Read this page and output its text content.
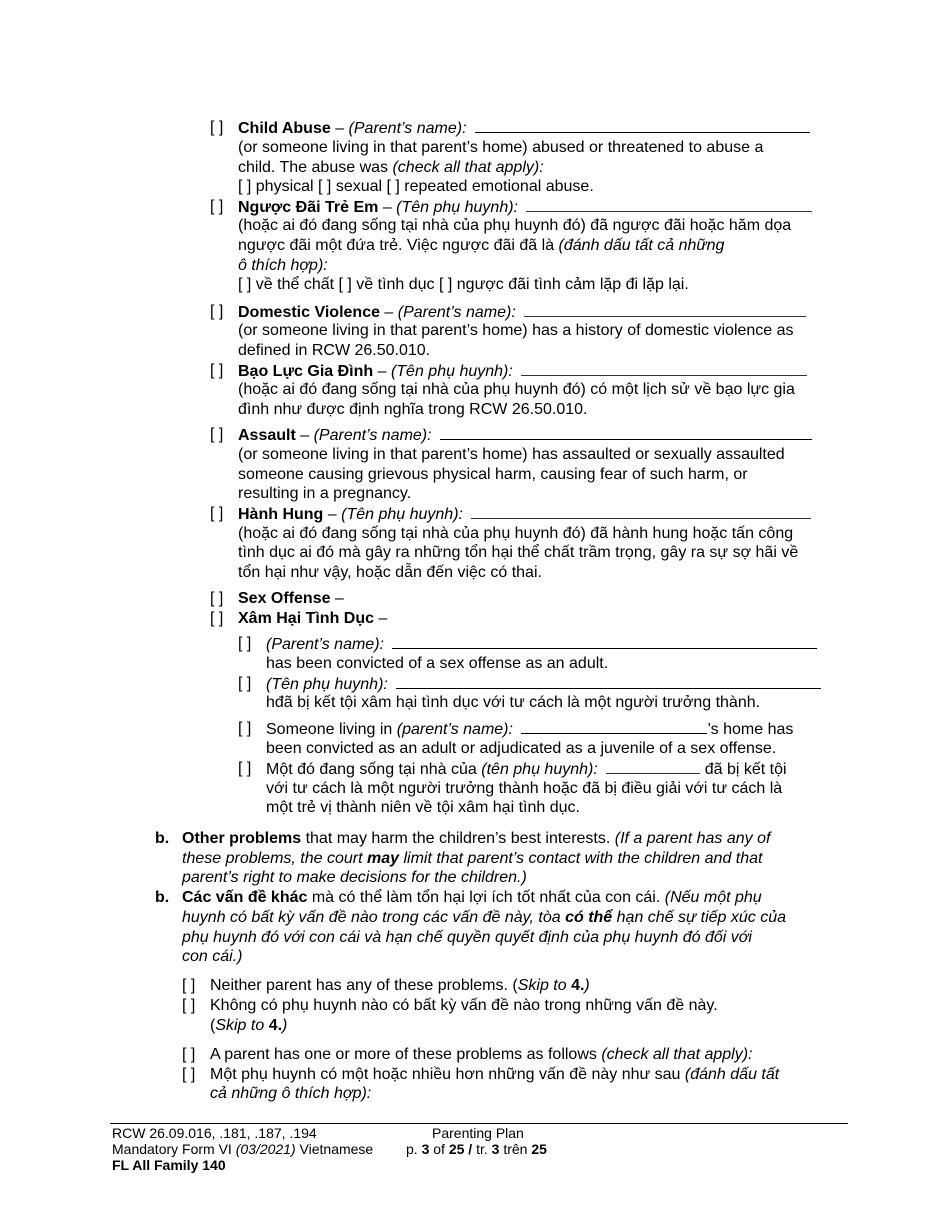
[ ] Child Abuse – (Parent’s name):
(or someone living in that parent’s home) abused or threatened to abuse a
child. The abuse was (check all that apply):
[ ] physical [ ] sexual [ ] repeated emotional abuse.
[ ] Ngược Đãi Trẻ Em – (Tên phụ huynh):
(hoặc ai đó đang sống tại nhà của phụ huynh đó) đã ngược đãi hoặc hăm dọa
ngược đãi một đứa trẻ. Việc ngược đãi đã là (đánh dấu tất cả những
ô thích hợp):
[ ] về thể chất [ ] về tình dục [ ] ngược đãi tình cảm lặp đi lặp lại.
[ ] Domestic Violence – (Parent’s name):
(or someone living in that parent’s home) has a history of domestic violence as
defined in RCW 26.50.010.
[ ] Bạo Lực Gia Đình – (Tên phụ huynh):
(hoặc ai đó đang sống tại nhà của phụ huynh đó) có một lịch sử về bạo lực gia
đình như được định nghĩa trong RCW 26.50.010.
[ ] Assault – (Parent’s name):
(or someone living in that parent’s home) has assaulted or sexually assaulted
someone causing grievous physical harm, causing fear of such harm, or
resulting in a pregnancy.
[ ] Hành Hung – (Tên phụ huynh):
(hoặc ai đó đang sống tại nhà của phụ huynh đó) đã hành hung hoặc tấn công
tình dục ai đó mà gây ra những tổn hại thể chất trầm trọng, gây ra sự sợ hãi về
tổn hại như vậy, hoặc dẫn đến việc có thai.
[ ] Sex Offense –
[ ] Xâm Hại Tình Dục –
[ ] (Parent’s name):
has been convicted of a sex offense as an adult.
[ ] (Tên phụ huynh):
hđã bị kết tội xâm hại tình dục với tư cách là một người trưởng thành.
[ ] Someone living in (parent’s name):	’s home has
been convicted as an adult or adjudicated as a juvenile of a sex offense.
[ ] Một đó đang sống tại nhà của (tên phụ huynh):	đã bị kết tội
với tư cách là một người trưởng thành hoặc đã bị điều giải với tư cách là
một trẻ vị thành niên về tội xâm hại tình dục.
b. Other problems that may harm the children’s best interests. (If a parent has any of
these problems, the court may limit that parent’s contact with the children and that
parent’s right to make decisions for the children.)
b. Các vấn đề khác mà có thể làm tổn hại lợi ích tốt nhất của con cái. (Nếu một phụ
huynh có bất kỳ vấn đề nào trong các vấn đề này, tòa có thể hạn chế sự tiếp xúc của
phụ huynh đó với con cái và hạn chế quyền quyết định của phụ huynh đó đối với
con cái.)
[ ] Neither parent has any of these problems. (Skip to 4.)
[ ] Không có phụ huynh nào có bất kỳ vấn đề nào trong những vấn đề này.
(Skip to 4.)
[ ] A parent has one or more of these problems as follows (check all that apply):
[ ] Một phụ huynh có một hoặc nhiều hơn những vấn đề này như sau (đánh dấu tất
cả những ô thích hợp):
RCW 26.09.016, .181, .187, .194
Mandatory Form VI (03/2021) Vietnamese
FL All Family 140
Parenting Plan
p. 3 of 25 / tr. 3 trên 25
